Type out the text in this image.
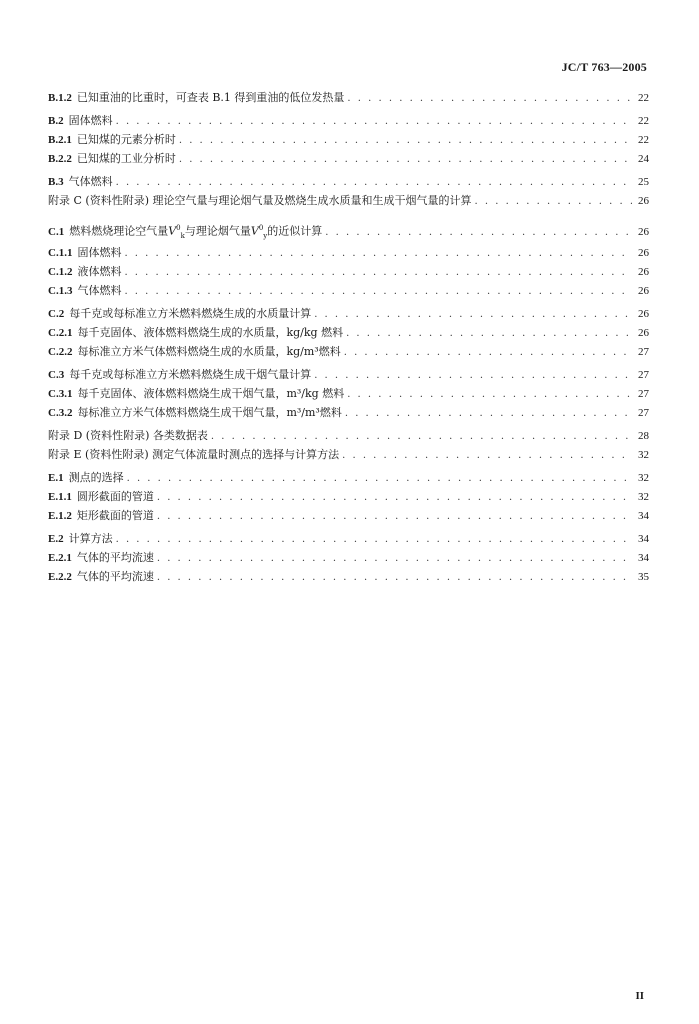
JC/T 763—2005
B.1.2 已知重油的比重时，可查表 B.1 得到重油的低位发热量 . . .	22
B.2 固体燃料 . . .	22
B.2.1 已知煤的元素分析时 . . .	22
B.2.2 已知煤的工业分析时 . . .	24
B.3 气体燃料 . . .	25
附录 C (资料性附录) 理论空气量与理论烟气量及燃烧生成水质量和生成干烟气量的计算 . . .	26
C.1 燃料燃烧理论空气量$V^0_k$与理论烟气量$V^0_y$的近似计算 . . .	26
C.1.1 固体燃料 . . .	26
C.1.2 液体燃料 . . .	26
C.1.3 气体燃料 . . .	26
C.2 每千克或每标准立方米燃料燃烧生成的水质量计算 . . .	26
C.2.1 每千克固体、液体燃料燃烧生成的水质量，kg/kg 燃料 . . .	26
C.2.2 每标准立方米气体燃料燃烧生成的水质量，kg/m³燃料 . . .	27
C.3 每千克或每标准立方米燃料燃烧生成干烟气量计算 . . .	27
C.3.1 每千克固体、液体燃料燃烧生成干烟气量，m³/kg 燃料 . . .	27
C.3.2 每标准立方米气体燃料燃烧生成干烟气量，m³/m³燃料 . . .	27
附录 D (资料性附录) 各类数据表 . . .	28
附录 E (资料性附录) 测定气体流量时测点的选择与计算方法 . . .	32
E.1 测点的选择 . . .	32
E.1.1 圆形截面的管道 . . .	32
E.1.2 矩形截面的管道 . . .	34
E.2 计算方法 . . .	34
E.2.1 气体的平均流速 . . .	34
E.2.2 气体的平均流速 . . .	35
II
